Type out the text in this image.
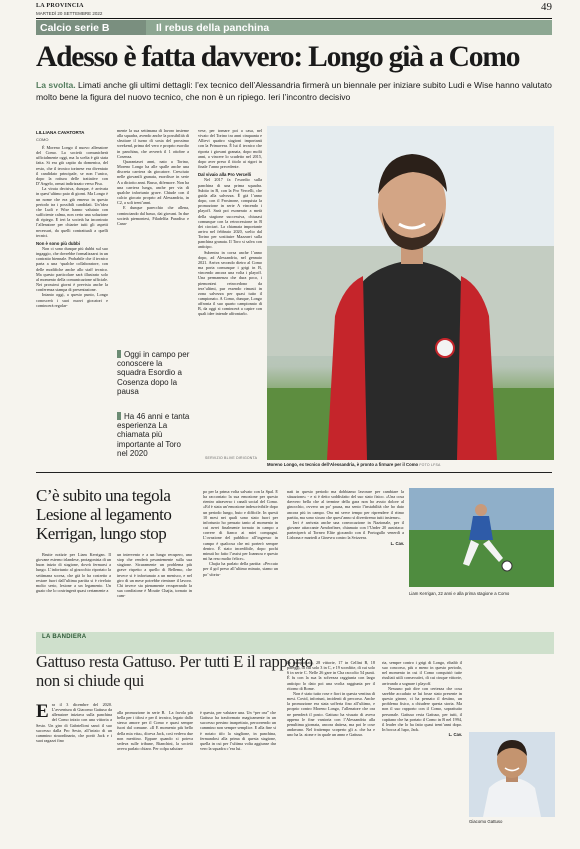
LA PROVINCIA
MARTEDÌ 20 SETTEMBRE 2022
49
Calcio serie B	Il rebus della panchina
Adesso è fatta davvero: Longo già a Como
La svolta. Limati anche gli ultimi dettagli: l’ex tecnico dell’Alessandria firmerà un biennale per iniziare subito Ludi e Wise hanno valutato molto bene la figura del nuovo tecnico, che non è un ripiego. Ieri l’incontro decisivo
LILLIANA CAVATORTA
COMO

È Moreno Longo il nuovo allenatore del Como. La società comunicherà ufficialmente oggi, ma la scelta è già stata fatta. Si era già capito da domenica, del resto, che il tecnico torinese era diventato il candidato principale, se non l’unico, dopo la rottura delle trattative con D’Angelo, ormai indirizzato verso Pisa.

La virata decisiva, dunque, è arrivata in quest’ultimo paio di giorni. Ma Longo è un nome che era già emerso in questo periodo tra i possibili candidati. Un’idea che Ludi e Wise hanno valutato con sufficiente calma, non certo una soluzione di ripiego. E ieri la società ha incontrato l’allenatore per chiarire tutti gli aspetti necessari, da quelli contrattuali a quelli tecnici.

Non è sono più dubbi

Non ci sono dunque più dubbi sul suo ingaggio, che dovrebbe formalizzarsi in un contratto biennale. Probabile che il tecnico parta a una ‘qualche collaboratore, con delle modifiche anche allo staff tecnico. Ma questo particolare sarà illustrato solo al momento della comunicazione ufficiale. Nei prossimi giorni è prevista anche la conferenza stampa di presentazione.

Intanto oggi, a questo punto, Longo conoscerà i suoi nuovi giocatori e comincerà regolar-

mente la sua settimana di lavoro insieme alla squadra, avendo anche la possibilità di sfruttare il turno di sosta del prossimo weekend, prima del vero e proprio esordio in panchina, che avverrà il 1 ottobre a Cosenza.

Quarantasei anni, nato a Torino, Moreno Longo ha alle spalle anche una discreta carriera da giocatore. Cresciuto nelle giovanili granata, esordisce in serie A a diciotto anni. Basso, difensore. Non ha una carriera lunga, anche per via di qualche infortunio grave. Chiude con il calcio giocato proprio ad Alessandria, in C2, a soli trent’anni.

E dunque parecchio che allena, cominciando dal basso, dai giovani. In due società piemontesi, Filadelfia Paradiso e Cana-

Oggi in campo per conoscere la squadra Esordio a Cosenza dopo la pausa
Ha 46 anni e tanta esperienza La chiamata più importante al Toro nel 2020

vese, per tornare poi a casa, nel vivaio del Torino tra anni cinquanta e Allievi quattro stagioni importanti con la Primavera. È lui il tecnico che riporta i giovani granata, dopo molti anni, a vincere lo scudetto nel 2015, dopo aver preso il titolo ai rigori in finale l’anno precedente.

Dal vivaio alla Pro Vercelli

Nel 2017 fa l’esordio sulla panchina di una prima squadra. Subito in B, con la Pro Vercelli, che guida alla salvezza. È già l’anno dopo, con il Frosinone, conquista la promozione in serie A vincendo i playoff. Sarà poi esonerato a metà della stagione successiva, chiusasi comunque con la retrocessione in B dei ciociari. La chiamata importante arriva nel febbraio 2020, scelto dal Torino per sostituire Mazzarri sulla panchina granata. Il Toro si salva con anticipo.

Subentra in corsa anche l’anno dopo, ad Alessandria, nel gennaio 2021. Arriva secondo dietro al Como ma porta comunque i grigi in B, vincendo ancora una volta i playoff. Una permanenza che dura poco, i piemontesi retrocedono da terz’ultimi, pur essendo rimasti in zona salvezza per quasi tutto il campionato. A Como, dunque, Longo affronta il suo quarto campionato di B, da oggi si comincerà a capire con quali idee intende affrontarlo.

SERVIZIO BLIVE DIRIGONTA
Moreno Longo, ex tecnico dell’Alessandria, è pronto a firmare per il Como FOTO LFSA
C’è subito una tegola Lesione al legamento Kerrigan, lungo stop

Brutte notizie per Liam Kerrigan. Il giovane esterno irlandese, protagonista di un buon inizio di stagione, dovrà fermarsi a lungo. L’infortunio al ginocchio riportato la settimana scorsa, che già lo ha costretto a restare fuori dall’ultima partita si è rivelato molto serio, lesione a un legamento. Un guaio che lo costringerà quasi certamente a

un intervento e a un lungo recupero, uno stop che renderà pesantemente sulla sua stagione. Sicuramente un problema più grave rispetto a quello di Bellemo, che invece si è infortunato a un menisco, e nel giro di un mese potrebbe rientrare il lavoro. Chi invece sta pienamente recuperando la sua condizione è Moutie Chajia, tornato in cam-

po per la prima volta salvato con la Spal. E ha raccontato la sua emozione per questo rientro attraverso i canali social del Como. «Ed è stata un’emozione indescrivibile dopo un periodo lungo, buio e difficile. In questi 10 mesi nei quali sono stato fuori per infortunio ho pensato tanto al momento in cui avrei finalmente tornato in campo a correre di fianco ai miei compagni. L’ovazione del pubblico all’ingresso in campo è qualcosa che mi porterò sempre dentro. È stato incredibile, dopo pochi minuti ho fatto l’assist per Ioannou e questo mi ha reso molto felice».

Chajia ha parlato della partita: «Peccato per il gol preso all’ultimo minuto, siamo un po’ sfortu-

nati in questo periodo ma dobbiamo lavorare per cambiare la situazione» - e si è detto soddisfatto del suo stato fisico. «Una cosa davvero bella che al termine della gara non ho avuto dolore al ginocchio, ovvero un po’ pausa, ma sento l’instabilità che ho dato ancora più in campo. Ora mi serve tempo per riprendere il ritmo partita, ma sono sicuro che quest’anno sì divertiremo tutti insieme».

Ieri è arrivata anche una convocazione in Nazionale, per il giovane attaccante Arndorfiner, chiamato con l’Under 20 austriaca: parteciperà al Torneo Elite giocando con il Portogallo venerdì a Lisbona e martedì a Ginevra contro la Svizzera.

L. Cav.
Liam Kerrigan, 22 anni e alla prima stagione a Como
LA BANDIERA
Gattuso resta Gattuso. Per tutti E il rapporto non si chiude qui
Era il 3 dicembre del 2020. L’avventura di Giacomo Gattuso da allenatore iniziava sulla panchina del Como inizio con una vittoria a Sesto. Un giro di Gabrielloni sancì il suo successo dalla Pro Sesto, all’inizio di un cammino straordinario, che portò Jack e i suoi ragazzi fino

alla promozione in serie B.  La favola più bella per i tifosi e per il tecnico, legato dallo stesso amore per il Como e quasi sempre fuori dal comune. «Il E momento più bello della mia vita», diceva Jack, così vedeva due non meritino. Eppure quando si poteva sedeva sulle tribune, Bianchini, la società aveva parlato chiaro. Per colpa salutare

è questa, per valutare una. Un “per ora” che Gattuso ha trasformato magicamente in un successo persino inaspettato, percorrendo un cammino non sempre semplice. E alla fine si è notato tifo la staglione, in panchina, fermandosi alla prima di questa stagione, quella in cui per l’ultima volta aggiunse dar vero la squadra c’era lui.

In campionato, 28 vittorie, 17 in Cellini B, 18 pareggi, di cui solo 3 in C, e 19 sconfitte, di cui solo 6 in serie C. Nelle 26 gare in Cha raccolto 54 punti. È fu con la sua la solvezza raggiunta con largo anticipo lo dato poi una svolta raggiunta per il ritorno di Rome.

Non è stato tutto rose e fiori in questa ventina di mesi. Covid, infortuni, incidenti di percorso. Anche la promozione era stata sofferta fino all’ultimo, e proprio contro Moreno Longo, l’allenatore che ora ne prenderà il posto. Gattuso ha visuato di aveva appena le fine vantoria con l’Alessandria alla penultima giornata, ancora dattesa, ma poi le cose andavano. Nel frattempo scoperto gli a. che ha e uno ha la. zione e in quale un anno e Gattuso.

ria, sempre contro i grigi di Longo, ribaltò il suo concorso, più o meno in questo periodo, nel momento in cui il Como conquistò tutte risultati utili consecutivi, di cui cinque vittorie, arrivando a sognare i playoff.

Nessuno può dire con certezza che cosa sarebbe accaduto se lui fosse stato presente in questo girone, ci ha pensato il destino, un problema fisico, a chiudere questa storia. Ma non il suo rapporto con il Como, soprattutto personale. Gattuso resta Gattuso, per tutti, il capitano che ha portato il Como in B nel 1994, il leader che lo ha fatto quasi trent’anni dopo. In bocca al lupo, Jack.

L. Cav.
Giacomo Gattuso
